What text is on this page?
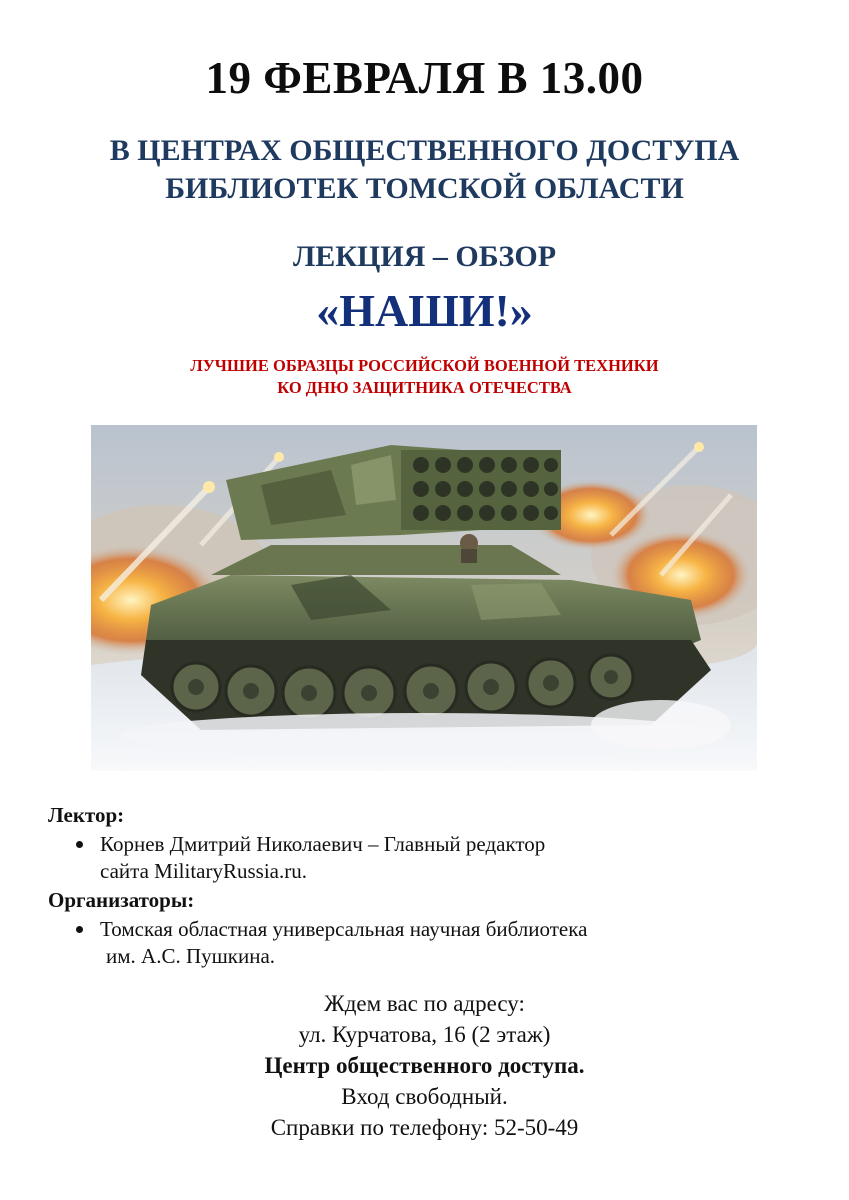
19 ФЕВРАЛЯ В 13.00
В ЦЕНТРАХ ОБЩЕСТВЕННОГО ДОСТУПА
БИБЛИОТЕК ТОМСКОЙ ОБЛАСТИ
ЛЕКЦИЯ – ОБЗОР
«НАШИ!»
ЛУЧШИЕ ОБРАЗЦЫ РОССИЙСКОЙ ВОЕННОЙ ТЕХНИКИ
КО ДНЮ ЗАЩИТНИКА ОТЕЧЕСТВА
Лектор:
Корнев Дмитрий Николаевич – Главный редактор
сайта MilitaryRussia.ru.
Организаторы:
Томская областная универсальная научная библиотека
им. А.С. Пушкина.
Ждем вас по адресу:
ул. Курчатова, 16 (2 этаж)
Центр общественного доступа.
Вход свободный.
Справки по телефону: 52-50-49
